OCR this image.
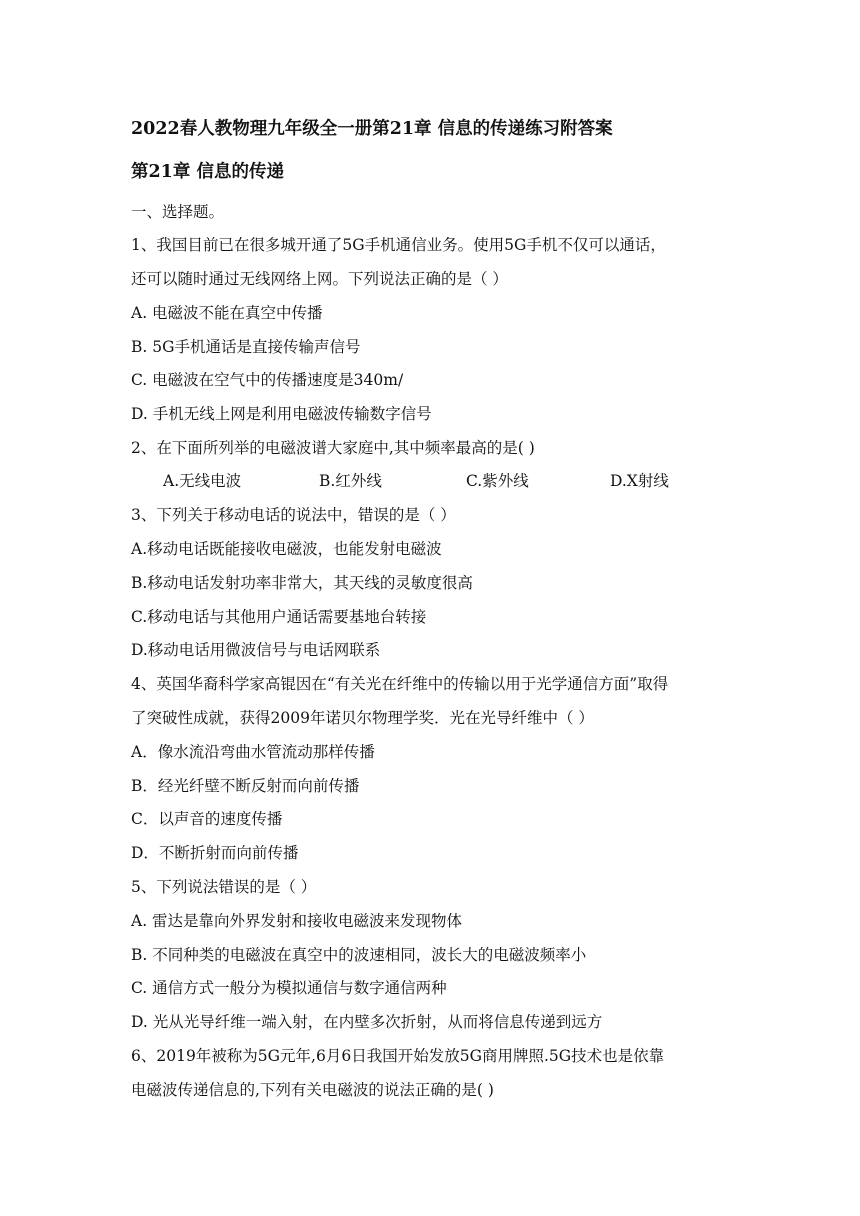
2022春人教物理九年级全一册第21章 信息的传递练习附答案
第21章 信息的传递
一、选择题。
1、我国目前已在很多城开通了5G手机通信业务。使用5G手机不仅可以通话，
还可以随时通过无线网络上网。下列说法正确的是（ ）
A. 电磁波不能在真空中传播
B. 5G手机通话是直接传输声信号
C. 电磁波在空气中的传播速度是340m/
D. 手机无线上网是利用电磁波传输数字信号
2、在下面所列举的电磁波谱大家庭中,其中频率最高的是( )
A.无线电波	B.红外线	C.紫外线	D.X射线
3、下列关于移动电话的说法中，错误的是（ ）
A.移动电话既能接收电磁波，也能发射电磁波
B.移动电话发射功率非常大，其天线的灵敏度很高
C.移动电话与其他用户通话需要基地台转接
D.移动电话用微波信号与电话网联系
4、英国华裔科学家高锟因在“有关光在纤维中的传输以用于光学通信方面”取得
了突破性成就，获得2009年诺贝尔物理学奖．光在光导纤维中（ ）
A．像水流沿弯曲水管流动那样传播
B．经光纤壁不断反射而向前传播
C．以声音的速度传播
D．不断折射而向前传播
5、下列说法错误的是（ ）
A. 雷达是靠向外界发射和接收电磁波来发现物体
B. 不同种类的电磁波在真空中的波速相同，波长大的电磁波频率小
C. 通信方式一般分为模拟通信与数字通信两种
D. 光从光导纤维一端入射，在内壁多次折射，从而将信息传递到远方
6、2019年被称为5G元年,6月6日我国开始发放5G商用牌照.5G技术也是依靠
电磁波传递信息的,下列有关电磁波的说法正确的是( )
